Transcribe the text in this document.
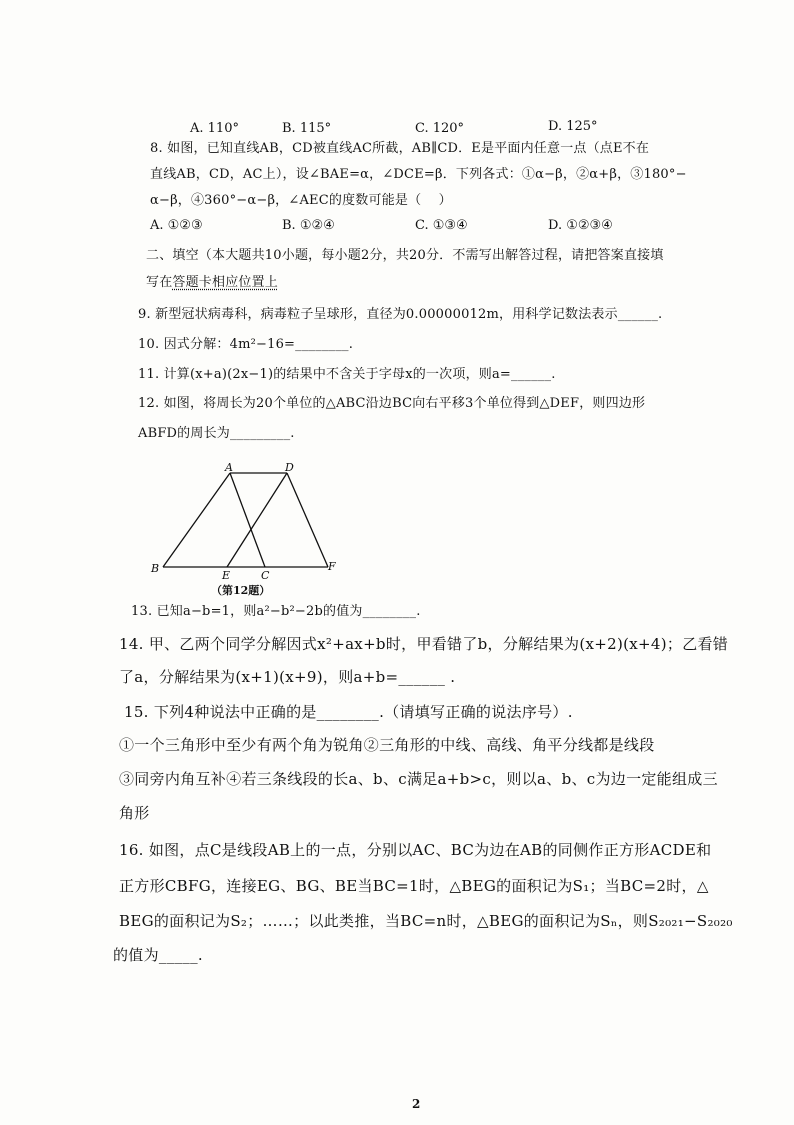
A. 110°	B. 115°	C. 120°	D. 125°
8. 如图，已知直线AB，CD被直线AC所截，AB∥CD．E是平面内任意一点（点E不在
直线AB，CD，AC上），设∠BAE=α，∠DCE=β．下列各式：①α−β，②α+β，③180°−
α−β，④360°−α−β，∠AEC的度数可能是（    ）
A. ①②③	B. ①②④	C. ①③④	D. ①②③④
二、填空（本大题共10小题，每小题2分，共20分．不需写出解答过程，请把答案直接填
写在答题卡相应位置上
9. 新型冠状病毒科，病毒粒子呈球形，直径为0.00000012m，用科学记数法表示______.
10. 因式分解：4m²−16=________.
11. 计算(x+a)(2x−1)的结果中不含关于字母x的一次项，则a=______.
12. 如图，将周长为20个单位的△ABC沿边BC向右平移3个单位得到△DEF，则四边形
ABFD的周长为_________.
A	D
B
E	C
F
（第12题）
13. 已知a−b=1，则a²−b²−2b的值为________.
14. 甲、乙两个同学分解因式x²+ax+b时，甲看错了b，分解结果为(x+2)(x+4)；乙看错
了a，分解结果为(x+1)(x+9)，则a+b=______ .
15. 下列4种说法中正确的是________.（请填写正确的说法序号）.
①一个三角形中至少有两个角为锐角②三角形的中线、高线、角平分线都是线段
③同旁内角互补④若三条线段的长a、b、c满足a+b>c，则以a、b、c为边一定能组成三
角形
16. 如图，点C是线段AB上的一点，分别以AC、BC为边在AB的同侧作正方形ACDE和
正方形CBFG，连接EG、BG、BE当BC=1时，△BEG的面积记为S₁；当BC=2时，△
BEG的面积记为S₂；……；以此类推，当BC=n时，△BEG的面积记为Sₙ，则S₂₀₂₁−S₂₀₂₀
的值为_____.
2
